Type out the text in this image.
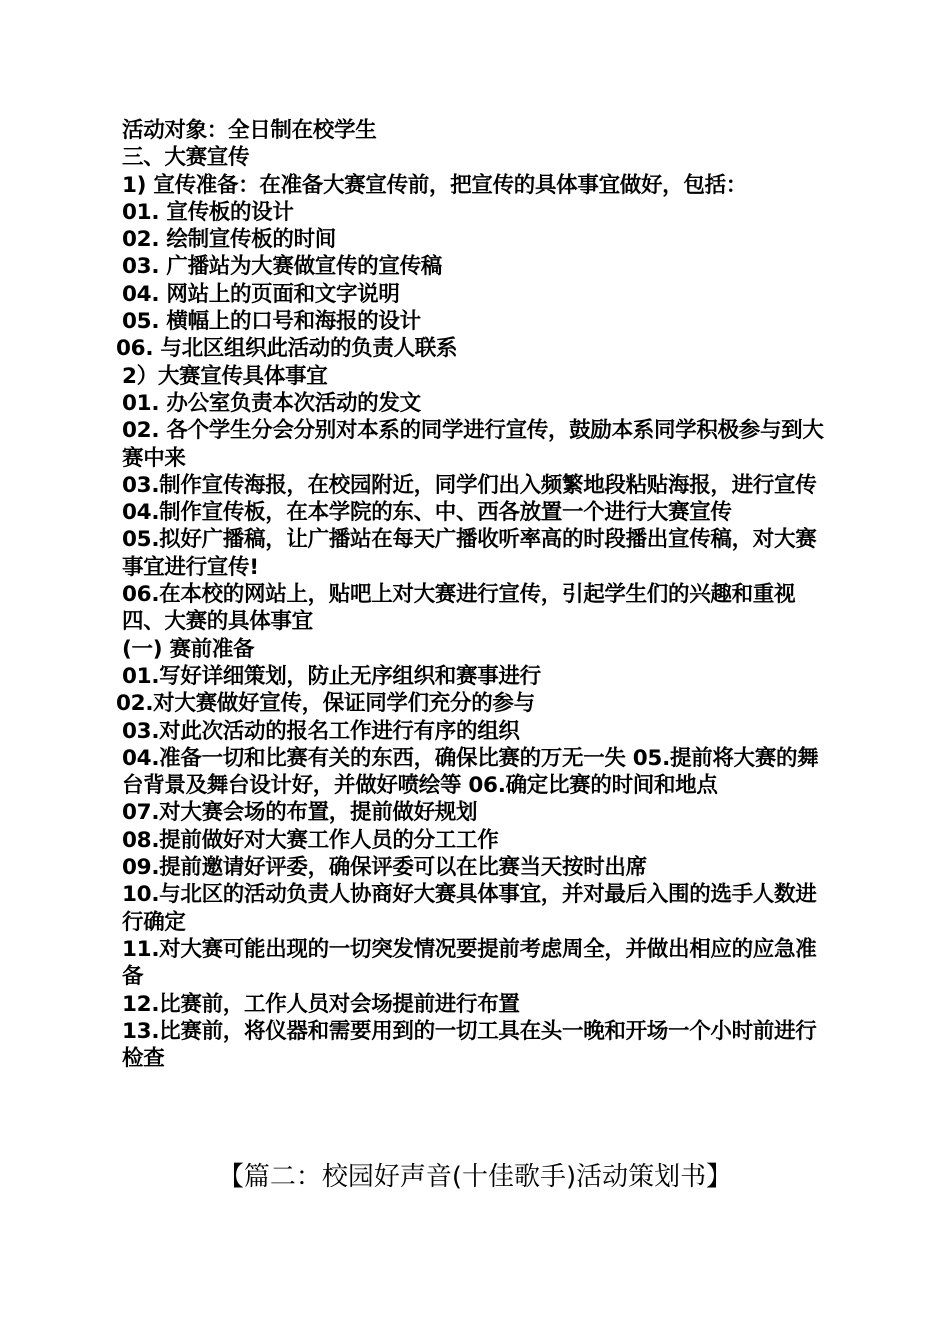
活动对象：全日制在校学生
三、大赛宣传
1) 宣传准备：在准备大赛宣传前，把宣传的具体事宜做好，包括：
01. 宣传板的设计
02. 绘制宣传板的时间
03. 广播站为大赛做宣传的宣传稿
04. 网站上的页面和文字说明
05. 横幅上的口号和海报的设计
06. 与北区组织此活动的负责人联系
2）大赛宣传具体事宜
01. 办公室负责本次活动的发文
02. 各个学生分会分别对本系的同学进行宣传，鼓励本系同学积极参与到大赛中来
03.制作宣传海报，在校园附近，同学们出入频繁地段粘贴海报，进行宣传
04.制作宣传板，在本学院的东、中、西各放置一个进行大赛宣传
05.拟好广播稿，让广播站在每天广播收听率高的时段播出宣传稿，对大赛事宜进行宣传!
06.在本校的网站上，贴吧上对大赛进行宣传，引起学生们的兴趣和重视
四、大赛的具体事宜
(一) 赛前准备
01.写好详细策划，防止无序组织和赛事进行
02.对大赛做好宣传，保证同学们充分的参与
03.对此次活动的报名工作进行有序的组织
04.准备一切和比赛有关的东西，确保比赛的万无一失 05.提前将大赛的舞台背景及舞台设计好，并做好喷绘等 06.确定比赛的时间和地点
07.对大赛会场的布置，提前做好规划
08.提前做好对大赛工作人员的分工工作
09.提前邀请好评委，确保评委可以在比赛当天按时出席
10.与北区的活动负责人协商好大赛具体事宜，并对最后入围的选手人数进行确定
11.对大赛可能出现的一切突发情况要提前考虑周全，并做出相应的应急准备
12.比赛前，工作人员对会场提前进行布置
13.比赛前，将仪器和需要用到的一切工具在头一晚和开场一个小时前进行检查
【篇二：校园好声音(十佳歌手)活动策划书】
